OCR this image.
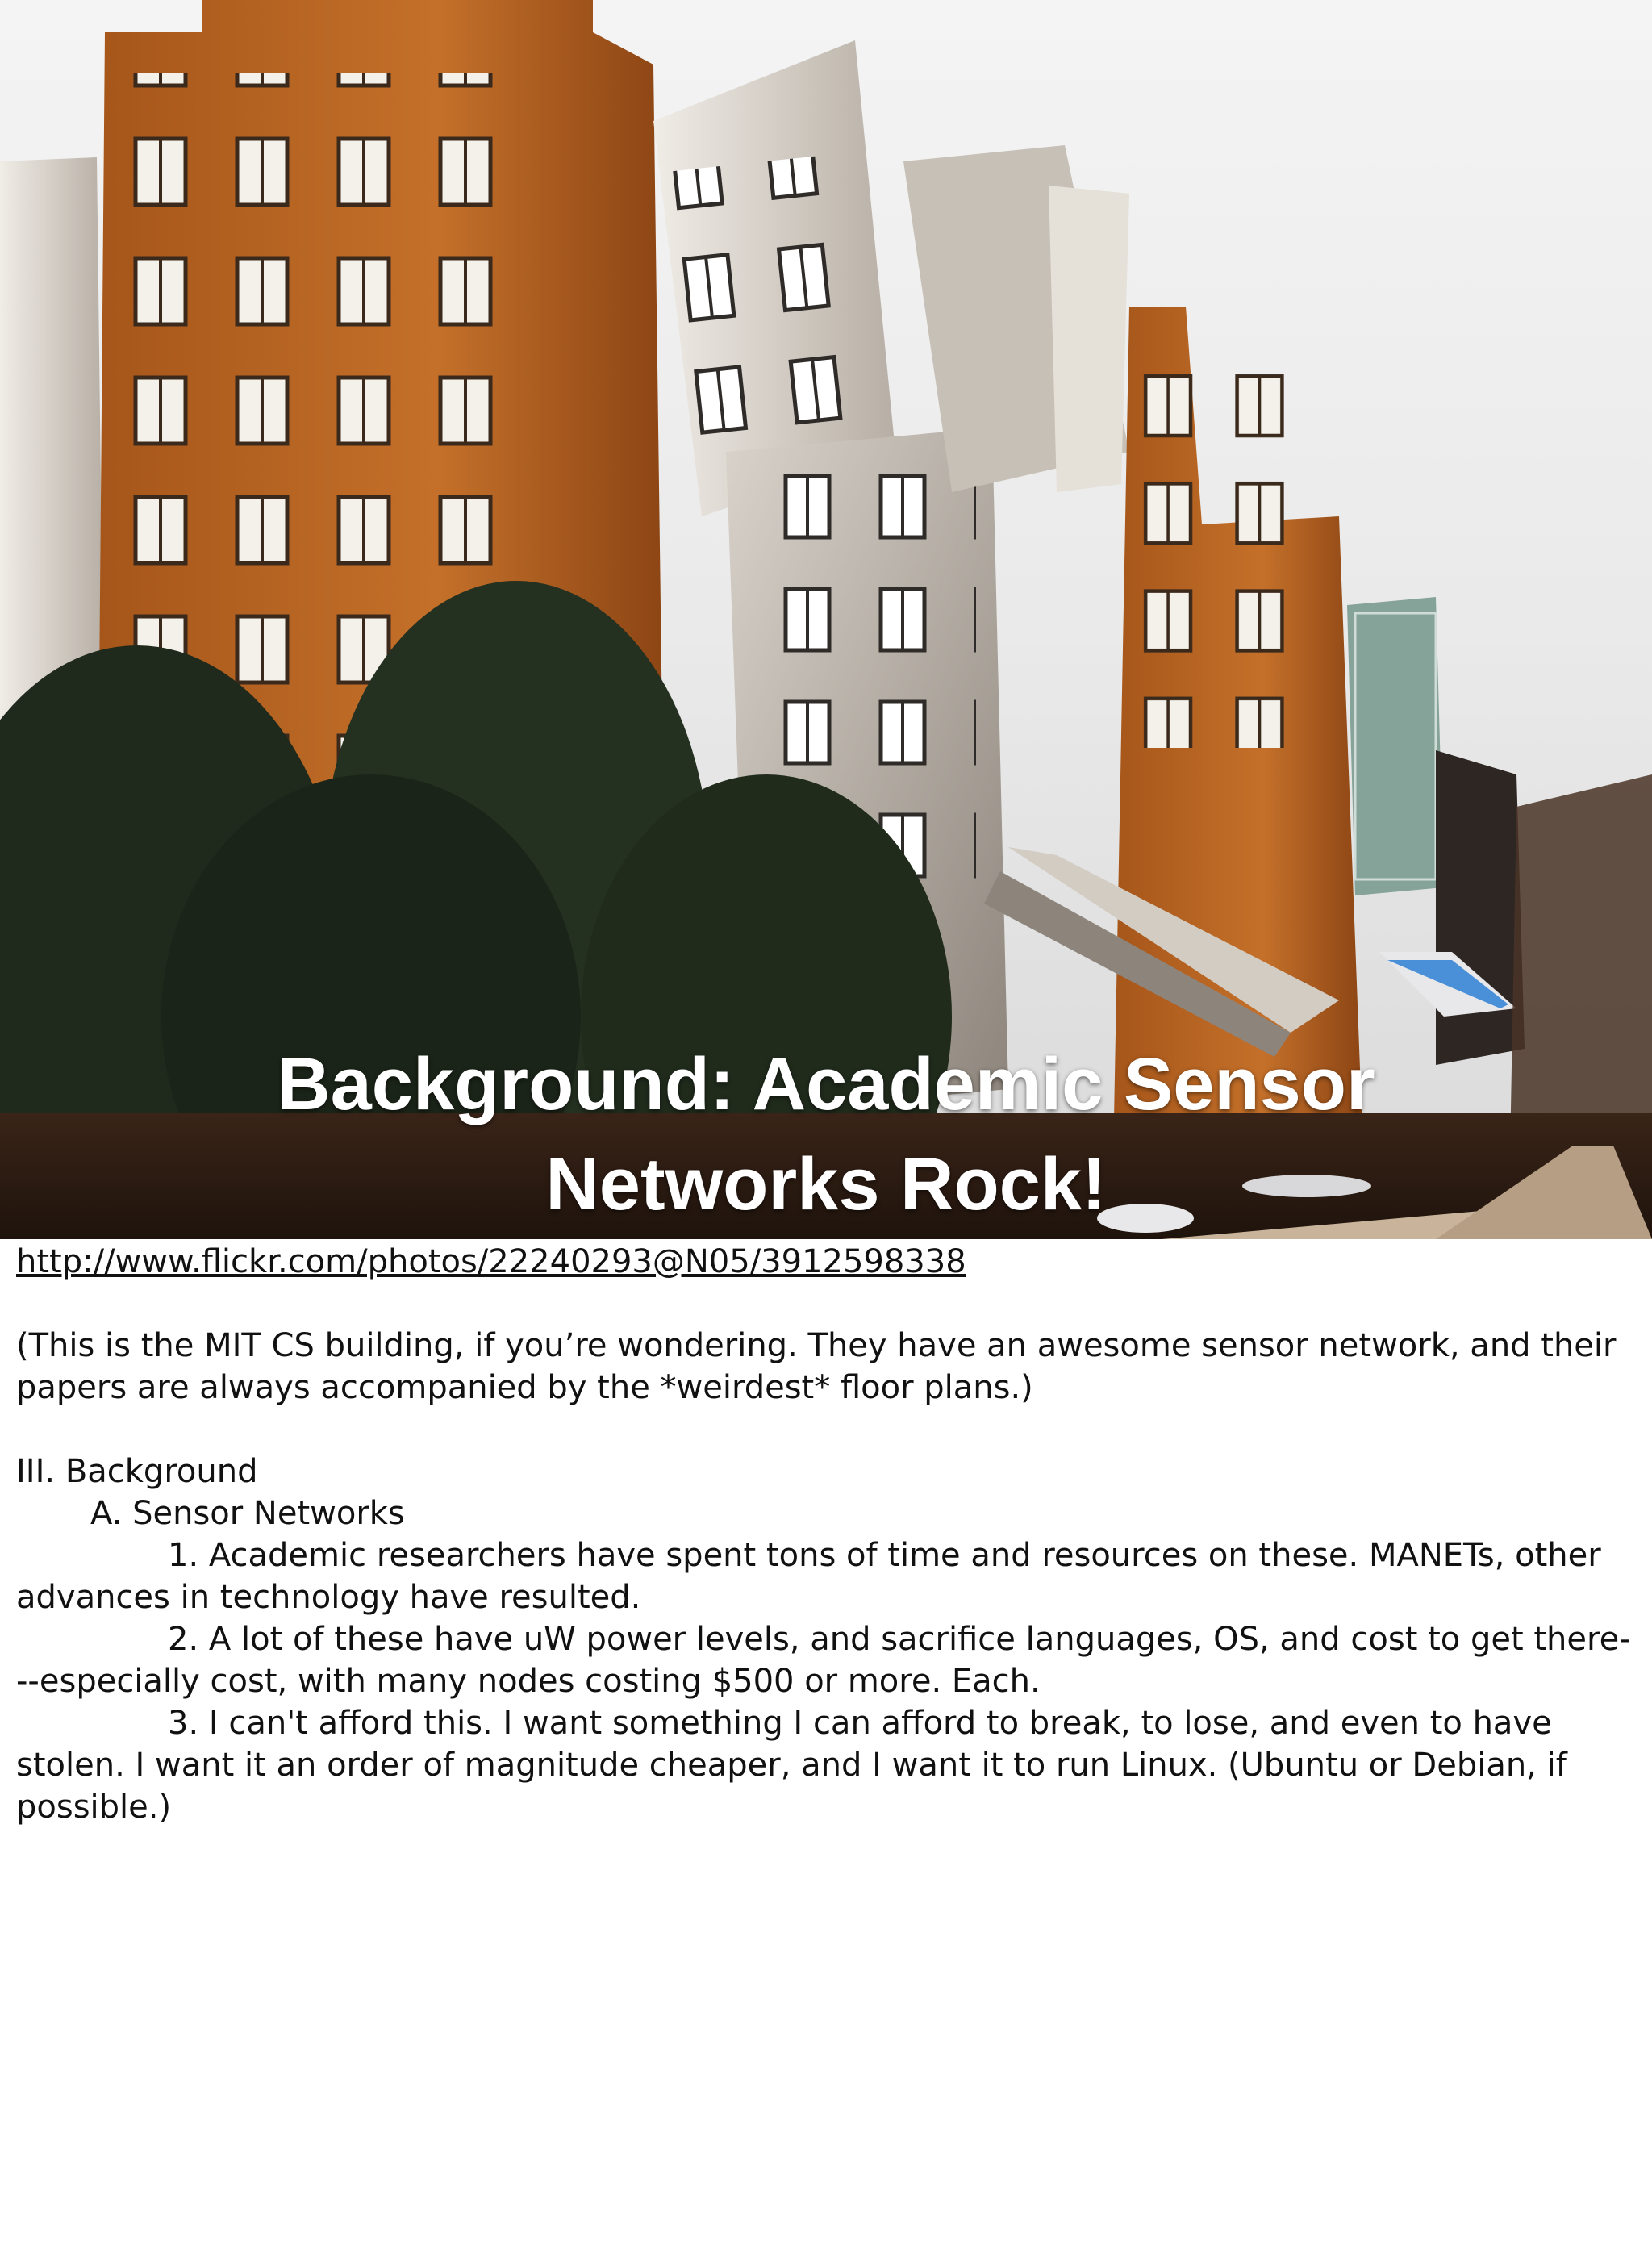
Background: Academic Sensor
Networks Rock!

http://www.flickr.com/photos/22240293@N05/3912598338

(This is the MIT CS building, if you’re wondering. They have an awesome sensor network, and their papers are always accompanied by the *weirdest* floor plans.)

III. Background

A. Sensor Networks

1. Academic researchers have spent tons of time and resources on these. MANETs, other advances in technology have resulted.

2. A lot of these have uW power levels, and sacrifice languages, OS, and cost to get there---especially cost, with many nodes costing $500 or more. Each.

3. I can't afford this. I want something I can afford to break, to lose, and even to have stolen. I want it an order of magnitude cheaper, and I want it to run Linux. (Ubuntu or Debian, if possible.)
